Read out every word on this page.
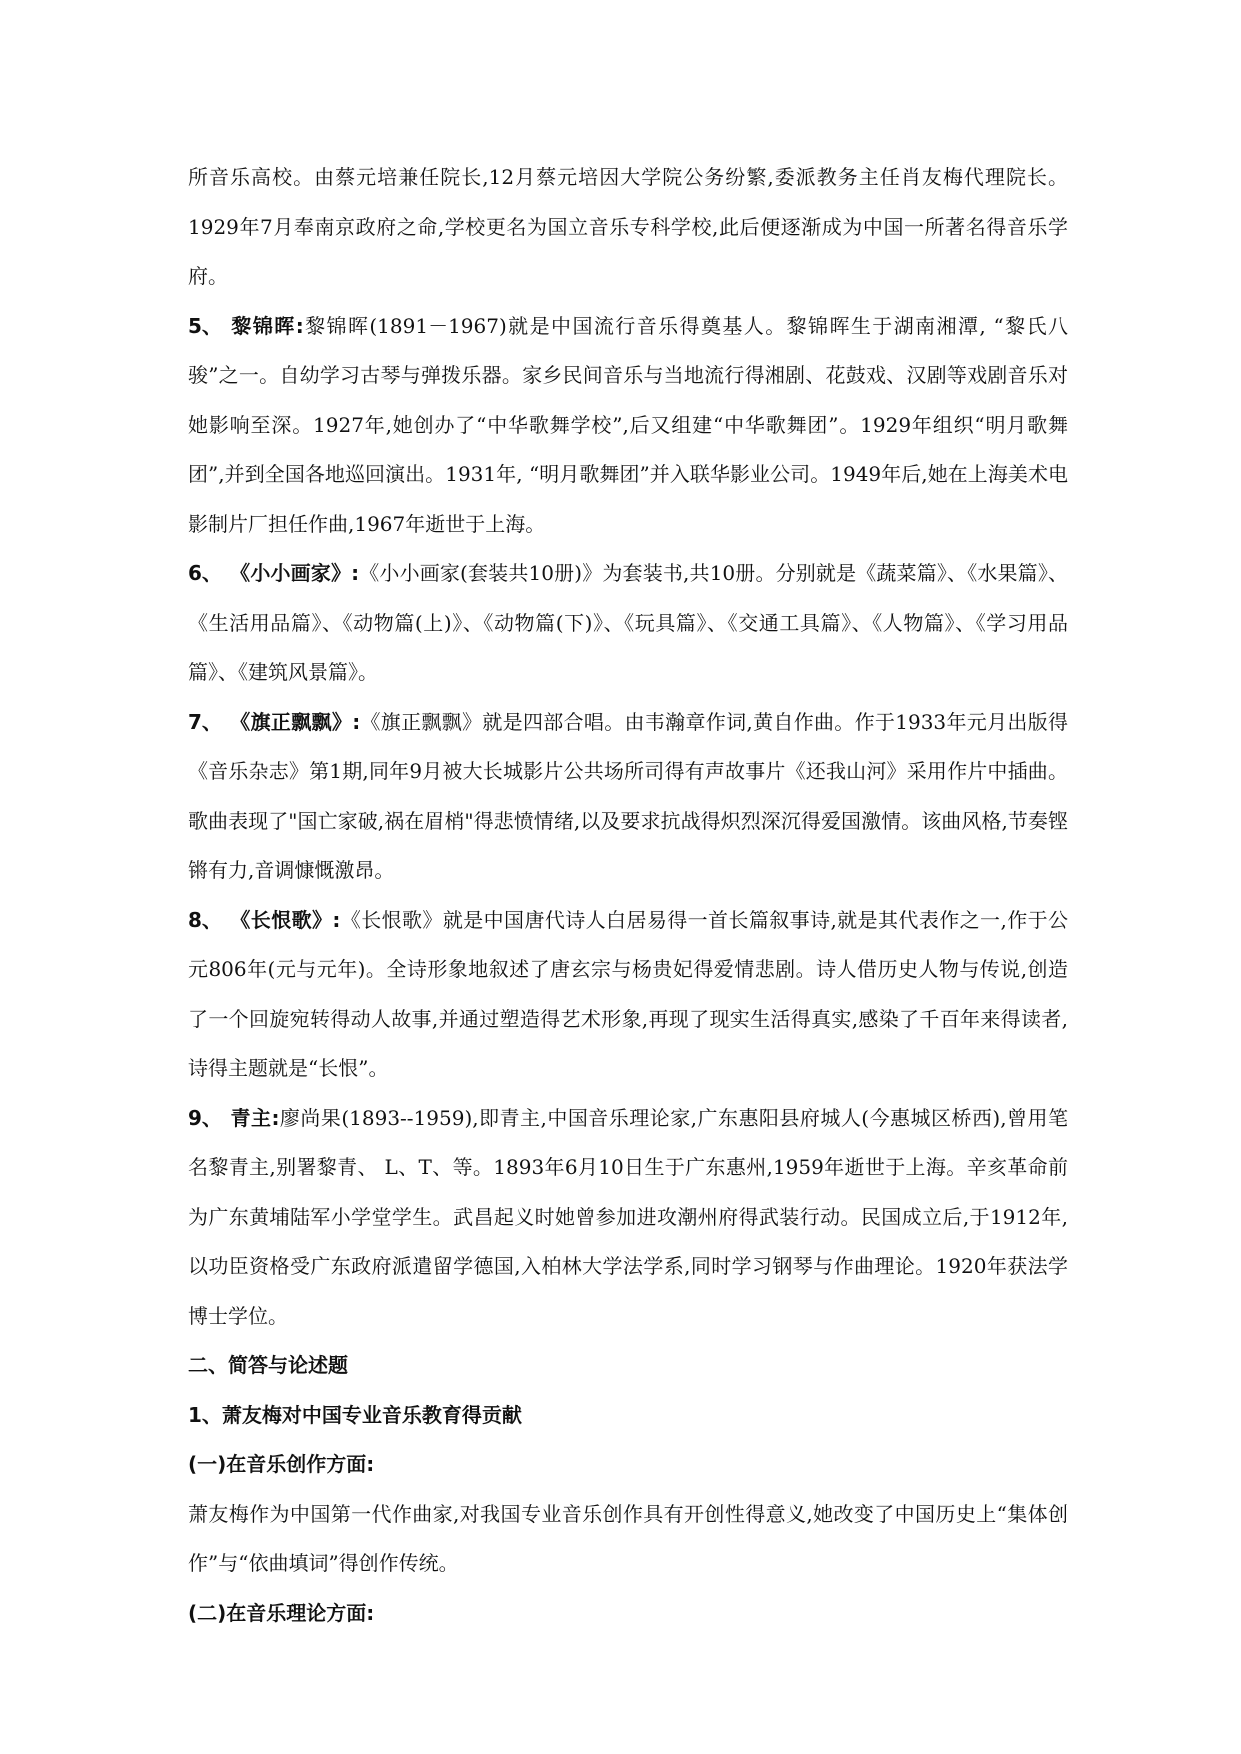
所音乐高校。由蔡元培兼任院长,12月蔡元培因大学院公务纷繁,委派教务主任肖友梅代理院长。1929年7月奉南京政府之命,学校更名为国立音乐专科学校,此后便逐渐成为中国一所著名得音乐学府。

5、 黎锦晖:黎锦晖(1891－1967)就是中国流行音乐得奠基人。黎锦晖生于湖南湘潭, “黎氏八骏”之一。自幼学习古琴与弹拨乐器。家乡民间音乐与当地流行得湘剧、花鼓戏、汉剧等戏剧音乐对她影响至深。1927年,她创办了“中华歌舞学校”,后又组建“中华歌舞团”。1929年组织“明月歌舞团”,并到全国各地巡回演出。1931年, “明月歌舞团”并入联华影业公司。1949年后,她在上海美术电影制片厂担任作曲,1967年逝世于上海。

6、 《小小画家》:《小小画家(套装共10册)》为套装书,共10册。分别就是《蔬菜篇》、《水果篇》、《生活用品篇》、《动物篇(上)》、《动物篇(下)》、《玩具篇》、《交通工具篇》、《人物篇》、《学习用品篇》、《建筑风景篇》。

7、 《旗正飘飘》:《旗正飘飘》就是四部合唱。由韦瀚章作词,黄自作曲。作于1933年元月出版得《音乐杂志》第1期,同年9月被大长城影片公共场所司得有声故事片《还我山河》采用作片中插曲。歌曲表现了"国亡家破,祸在眉梢"得悲愤情绪,以及要求抗战得炽烈深沉得爱国激情。该曲风格,节奏铿锵有力,音调慷慨激昂。

8、 《长恨歌》:《长恨歌》就是中国唐代诗人白居易得一首长篇叙事诗,就是其代表作之一,作于公元806年(元与元年)。全诗形象地叙述了唐玄宗与杨贵妃得爱情悲剧。诗人借历史人物与传说,创造了一个回旋宛转得动人故事,并通过塑造得艺术形象,再现了现实生活得真实,感染了千百年来得读者,诗得主题就是“长恨”。

9、 青主:廖尚果(1893--1959),即青主,中国音乐理论家,广东惠阳县府城人(今惠城区桥西),曾用笔名黎青主,别署黎青、 L、T、等。1893年6月10日生于广东惠州,1959年逝世于上海。辛亥革命前为广东黄埔陆军小学堂学生。武昌起义时她曾参加进攻潮州府得武装行动。民国成立后,于1912年,以功臣资格受广东政府派遣留学德国,入柏林大学法学系,同时学习钢琴与作曲理论。1920年获法学博士学位。

二、简答与论述题

1、萧友梅对中国专业音乐教育得贡献

(一)在音乐创作方面:

萧友梅作为中国第一代作曲家,对我国专业音乐创作具有开创性得意义,她改变了中国历史上“集体创作”与“依曲填词”得创作传统。

(二)在音乐理论方面:
